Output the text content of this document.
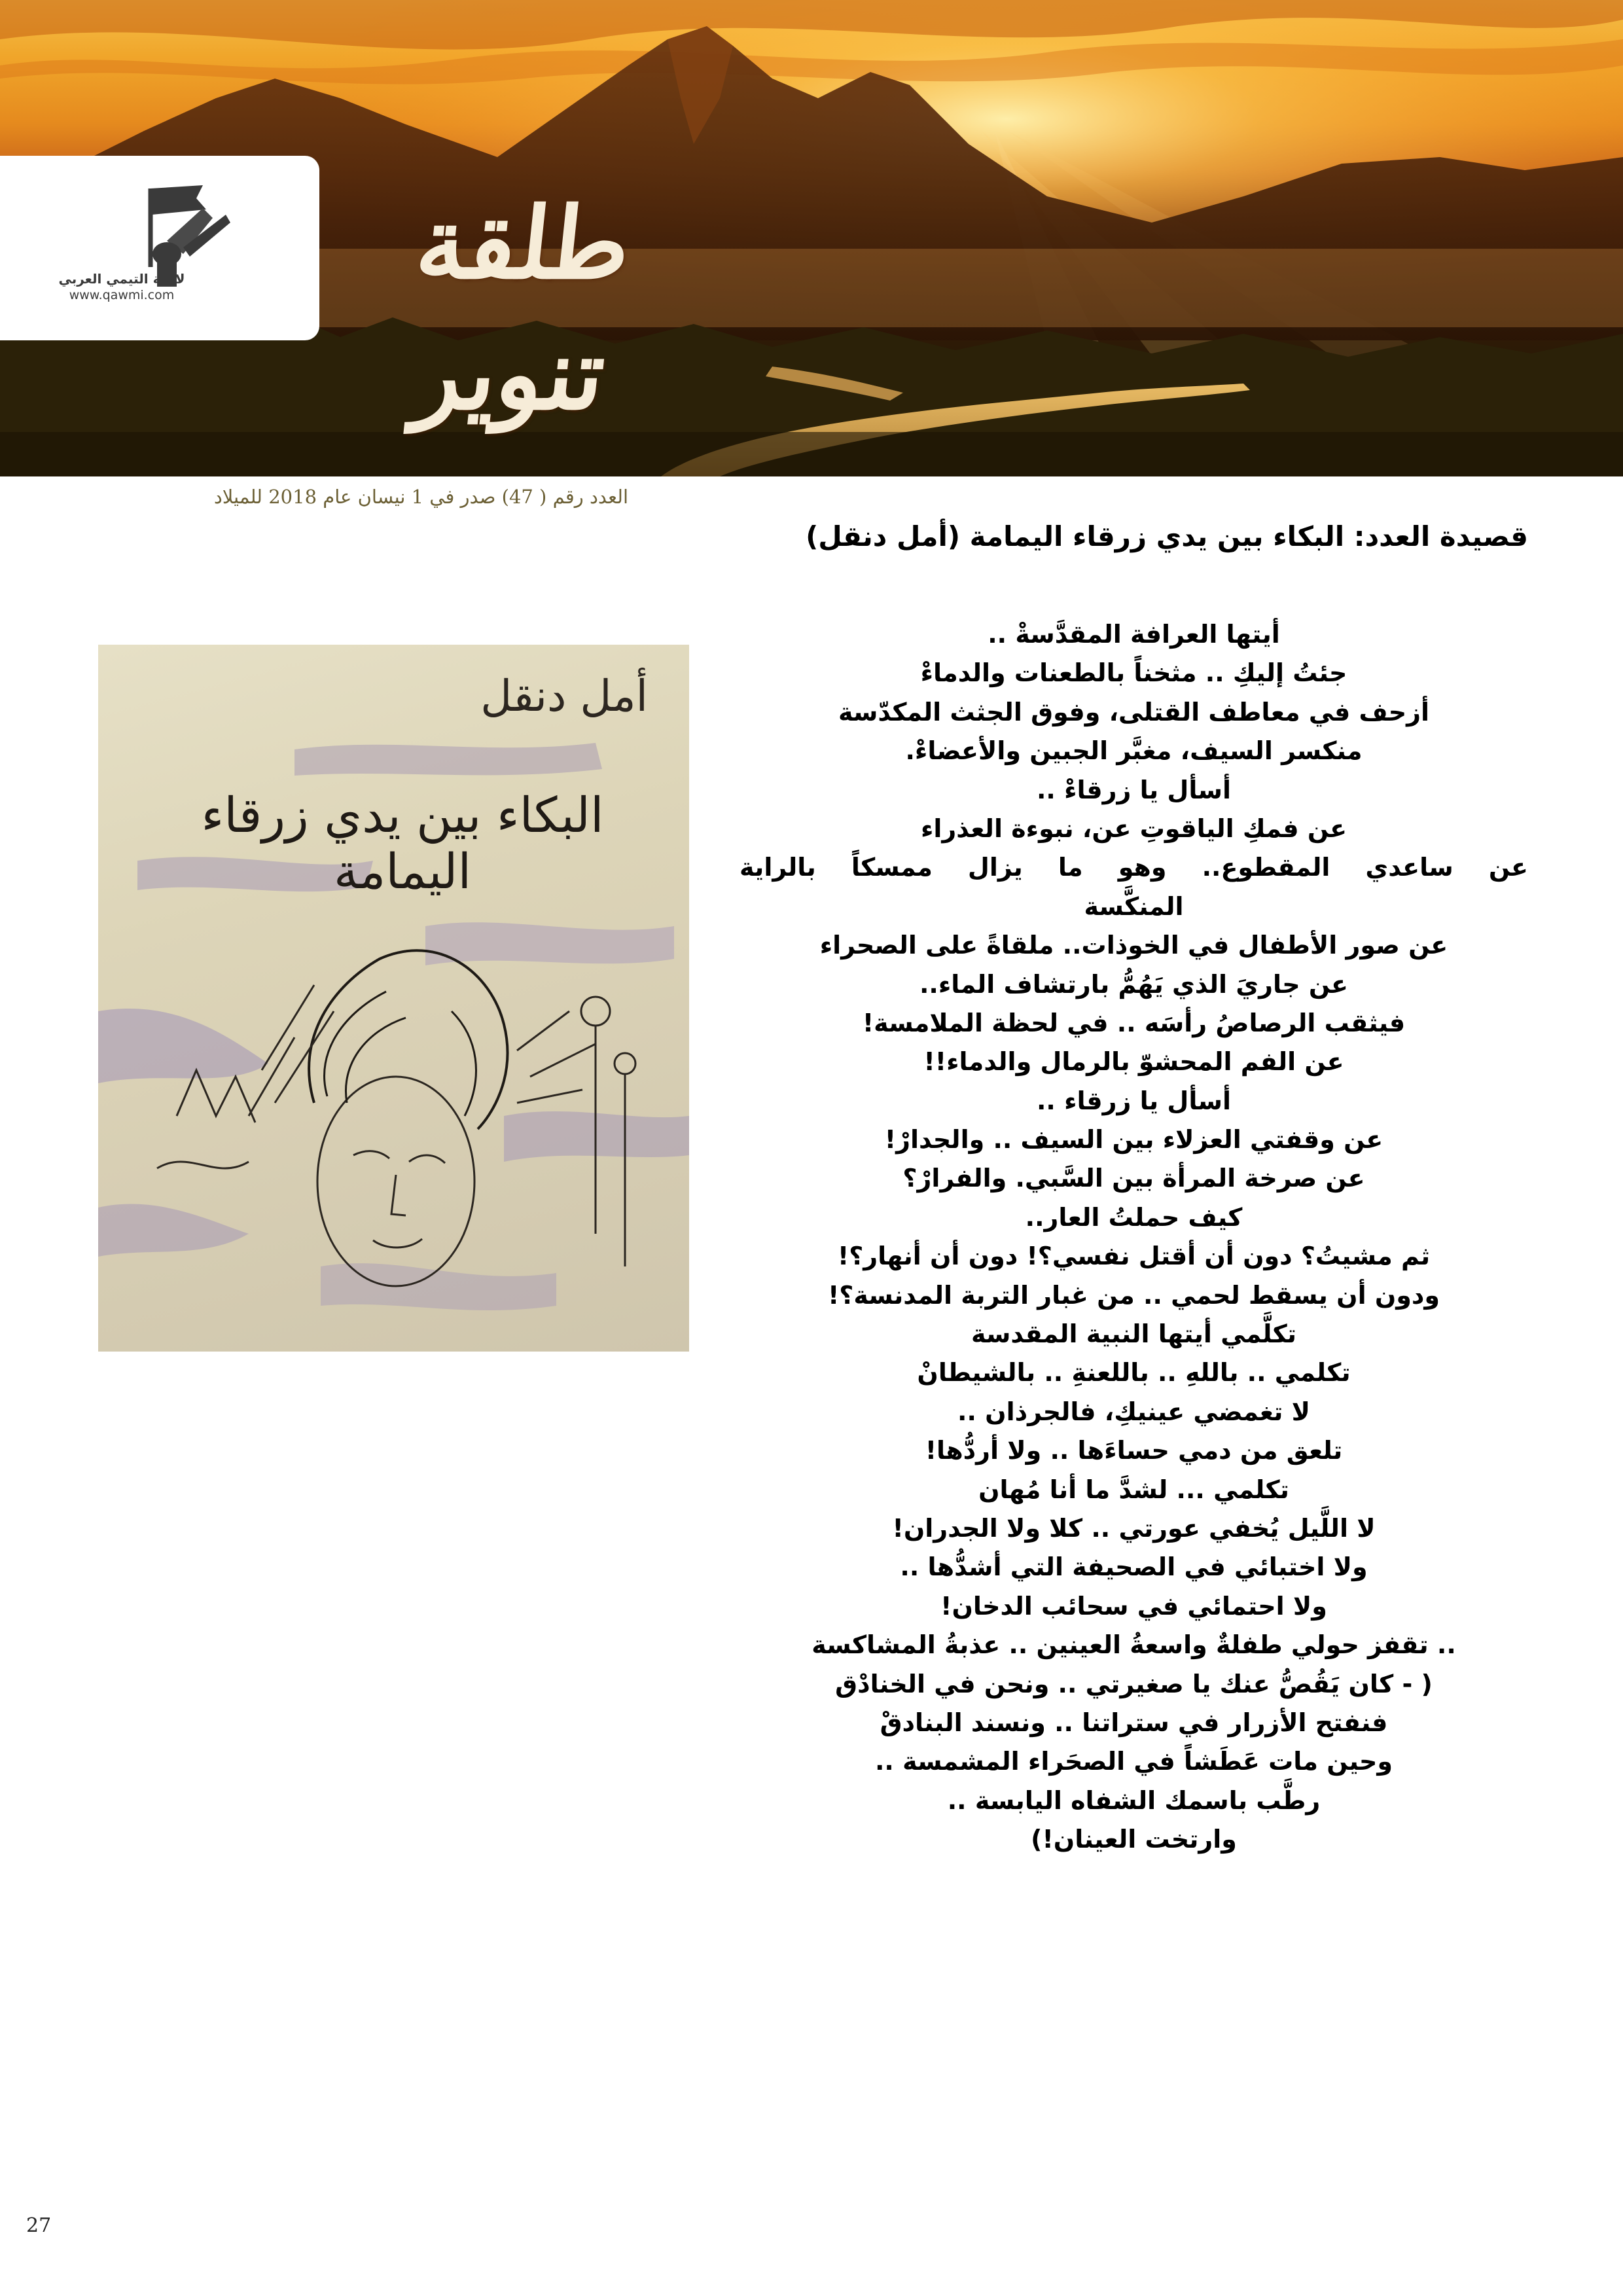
لائحة التيمي العربي
www.qawmi.com	طلقة تنوير
العدد رقم ( 47) صدر في 1 نيسان عام 2018 للميلاد
قصيدة العدد: البكاء بين يدي زرقاء اليمامة (أمل دنقل)
أمل دنقل
البكاء بين يدي زرقاء اليمامة
أيتها العرافة المقدَّسةْ ..
جئتُ إليكِ .. مثخناً بالطعنات والدماءْ
أزحف في معاطف القتلى، وفوق الجثث المكدّسة
منكسر السيف، مغبَّر الجبين والأعضاءْ.
أسأل يا زرقاءْ ..
عن فمكِ الياقوتِ عن، نبوءة العذراء
عن ساعدي المقطوع.. وهو ما يزال ممسكاً بالراية
المنكَّسة
عن صور الأطفال في الخوذات.. ملقاةً على الصحراء
عن جاريَ الذي يَهُمُّ بارتشاف الماء..
فيثقب الرصاصُ رأسَه .. في لحظة الملامسة!
عن الفم المحشوّ بالرمال والدماء!!
أسأل يا زرقاء ..
عن وقفتي العزلاء بين السيف .. والجدارْ!
عن صرخة المرأة بين السَّبي. والفرارْ؟
كيف حملتُ العار..
ثم مشيتُ؟ دون أن أقتل نفسي؟! دون أن أنهار؟!
ودون أن يسقط لحمي .. من غبار التربة المدنسة؟!
تكلَّمي أيتها النبية المقدسة
تكلمي .. باللهِ .. باللعنةِ .. بالشيطانْ
لا تغمضي عينيكِ، فالجرذان ..
تلعق من دمي حساءَها .. ولا أردُّها!
تكلمي ... لشدَّ ما أنا مُهان
لا اللَّيل يُخفي عورتي .. كلا ولا الجدران!
ولا اختبائي في الصحيفة التي أشدُّها ..
ولا احتمائي في سحائب الدخان!
.. تقفز حولي طفلةٌ واسعةُ العينين .. عذبةُ المشاكسة
( - كان يَقُصُّ عنك يا صغيرتي .. ونحن في الخنادْق
فنفتح الأزرار في ستراتنا .. ونسند البنادقْ
وحين مات عَطَشاً في الصحَراء المشمسة ..
رطَّب باسمك الشفاه اليابسة ..
وارتخت العينان!)
27
